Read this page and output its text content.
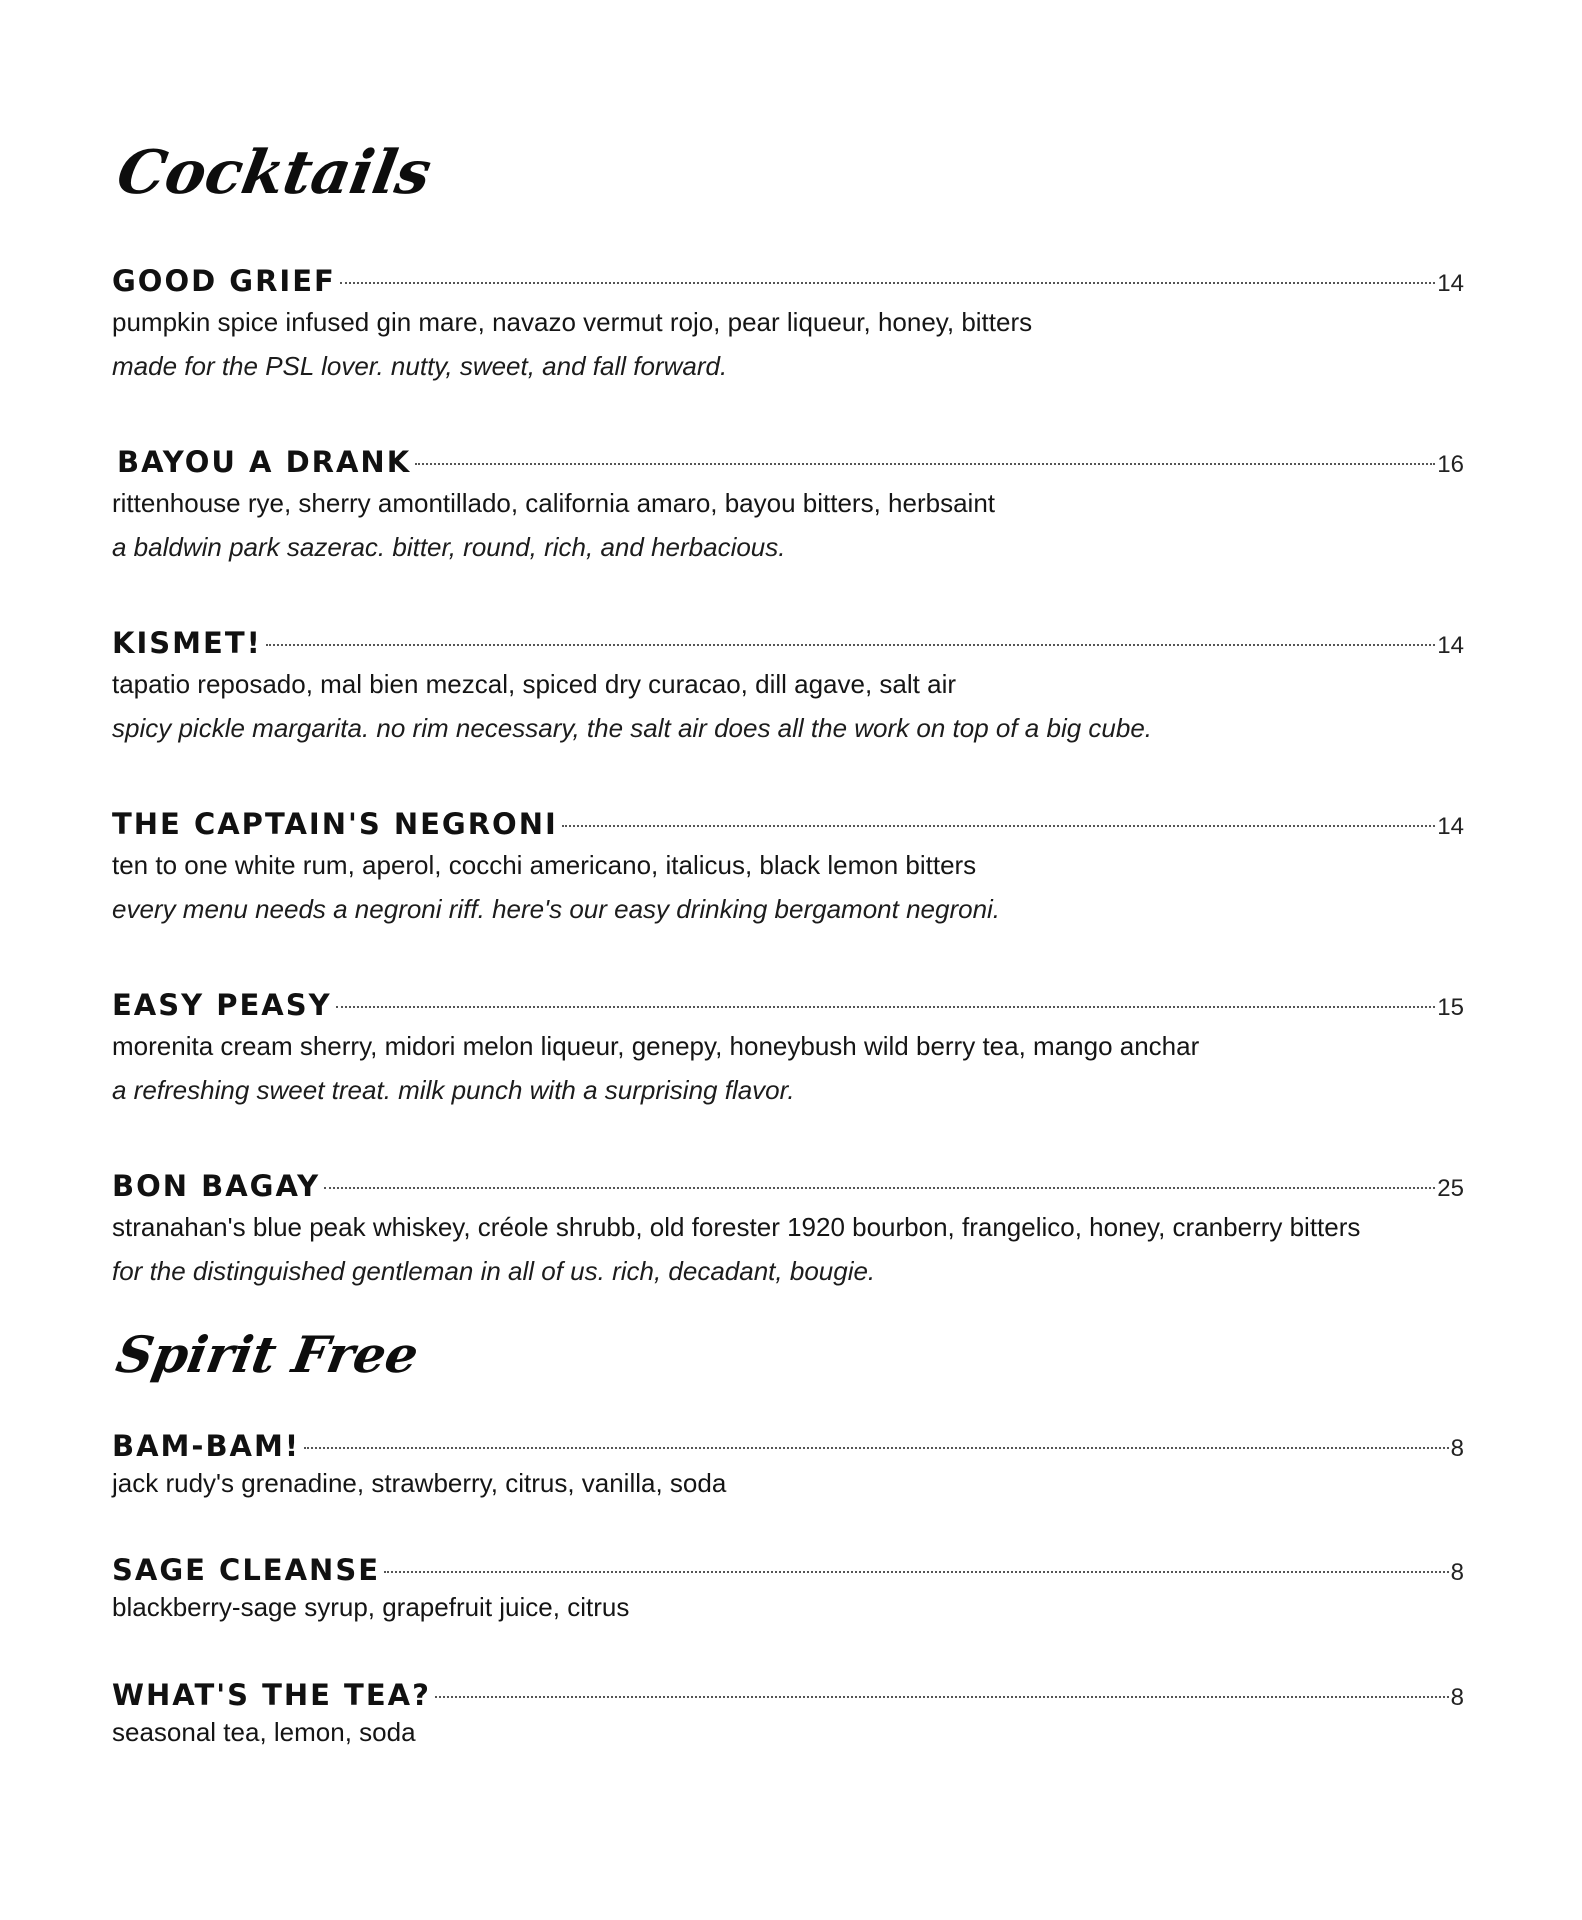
Cocktails
GOOD GRIEF	14
pumpkin spice infused gin mare, navazo vermut rojo, pear liqueur, honey, bitters
made for the PSL lover. nutty, sweet, and fall forward.
BAYOU A DRANK	16
rittenhouse rye, sherry amontillado, california amaro, bayou bitters, herbsaint
a baldwin park sazerac. bitter, round, rich, and herbacious.
KISMET!	14
tapatio reposado, mal bien mezcal, spiced dry curacao, dill agave, salt air
spicy pickle margarita. no rim necessary, the salt air does all the work on top of a big cube.
THE CAPTAIN'S NEGRONI	14
ten to one white rum, aperol, cocchi americano, italicus, black lemon bitters
every menu needs a negroni riff. here's our easy drinking bergamont negroni.
EASY PEASY	15
morenita cream sherry, midori melon liqueur, genepy, honeybush wild berry tea, mango anchar
a refreshing sweet treat. milk punch with a surprising flavor.
BON BAGAY	25
stranahan's blue peak whiskey, créole shrubb, old forester 1920 bourbon, frangelico, honey, cranberry bitters
for the distinguished gentleman in all of us. rich, decadant, bougie.
Spirit Free
BAM-BAM!	8
jack rudy's grenadine, strawberry, citrus, vanilla, soda
SAGE CLEANSE	8
blackberry-sage syrup, grapefruit juice, citrus
WHAT'S THE TEA?	8
seasonal tea, lemon, soda
